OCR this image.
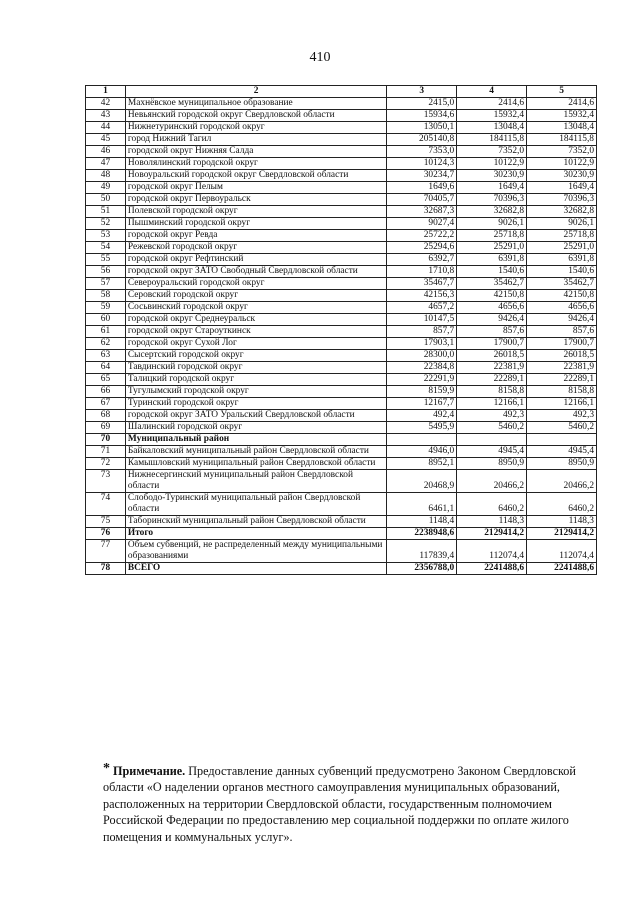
410
1	2	3	4	5
42	Махнёвское муниципальное образование	2415,0	2414,6	2414,6
43	Невьянский городской округ Свердловской области	15934,6	15932,4	15932,4
44	Нижнетуринский городской округ	13050,1	13048,4	13048,4
45	город Нижний Тагил	205140,8	184115,8	184115,8
46	городской округ Нижняя Салда	7353,0	7352,0	7352,0
47	Новолялинский городской округ	10124,3	10122,9	10122,9
48	Новоуральский городской округ Свердловской области	30234,7	30230,9	30230,9
49	городской округ Пелым	1649,6	1649,4	1649,4
50	городской округ Первоуральск	70405,7	70396,3	70396,3
51	Полевской городской округ	32687,3	32682,8	32682,8
52	Пышминский городской округ	9027,4	9026,1	9026,1
53	городской округ Ревда	25722,2	25718,8	25718,8
54	Режевской городской округ	25294,6	25291,0	25291,0
55	городской округ Рефтинский	6392,7	6391,8	6391,8
56	городской округ ЗАТО Свободный Свердловской области	1710,8	1540,6	1540,6
57	Североуральский городской округ	35467,7	35462,7	35462,7
58	Серовский городской округ	42156,3	42150,8	42150,8
59	Сосьвинский городской округ	4657,2	4656,6	4656,6
60	городской округ Среднеуральск	10147,5	9426,4	9426,4
61	городской округ Староуткинск	857,7	857,6	857,6
62	городской округ Сухой Лог	17903,1	17900,7	17900,7
63	Сысертский городской округ	28300,0	26018,5	26018,5
64	Тавдинский городской округ	22384,8	22381,9	22381,9
65	Талицкий городской округ	22291,9	22289,1	22289,1
66	Тугулымский городской округ	8159,9	8158,8	8158,8
67	Туринский городской округ	12167,7	12166,1	12166,1
68	городской округ ЗАТО Уральский Свердловской области	492,4	492,3	492,3
69	Шалинский городской округ	5495,9	5460,2	5460,2
70	Муниципальный район			
71	Байкаловский муниципальный район Свердловской области	4946,0	4945,4	4945,4
72	Камышловский муниципальный район Свердловской области	8952,1	8950,9	8950,9
73	Нижнесергинский муниципальный район Свердловской области	20468,9	20466,2	20466,2
74	Слободо-Туринский муниципальный район Свердловской области	6461,1	6460,2	6460,2
75	Таборинский муниципальный район Свердловской области	1148,4	1148,3	1148,3
76	Итого	2238948,6	2129414,2	2129414,2
77	Объем субвенций, не распределенный между муниципальными образованиями	117839,4	112074,4	112074,4
78	ВСЕГО	2356788,0	2241488,6	2241488,6
* Примечание. Предоставление данных субвенций предусмотрено Законом Свердловской области «О наделении органов местного самоуправления муниципальных образований, расположенных на территории Свердловской области, государственным полномочием Российской Федерации по предоставлению мер социальной поддержки по оплате жилого помещения и коммунальных услуг».
